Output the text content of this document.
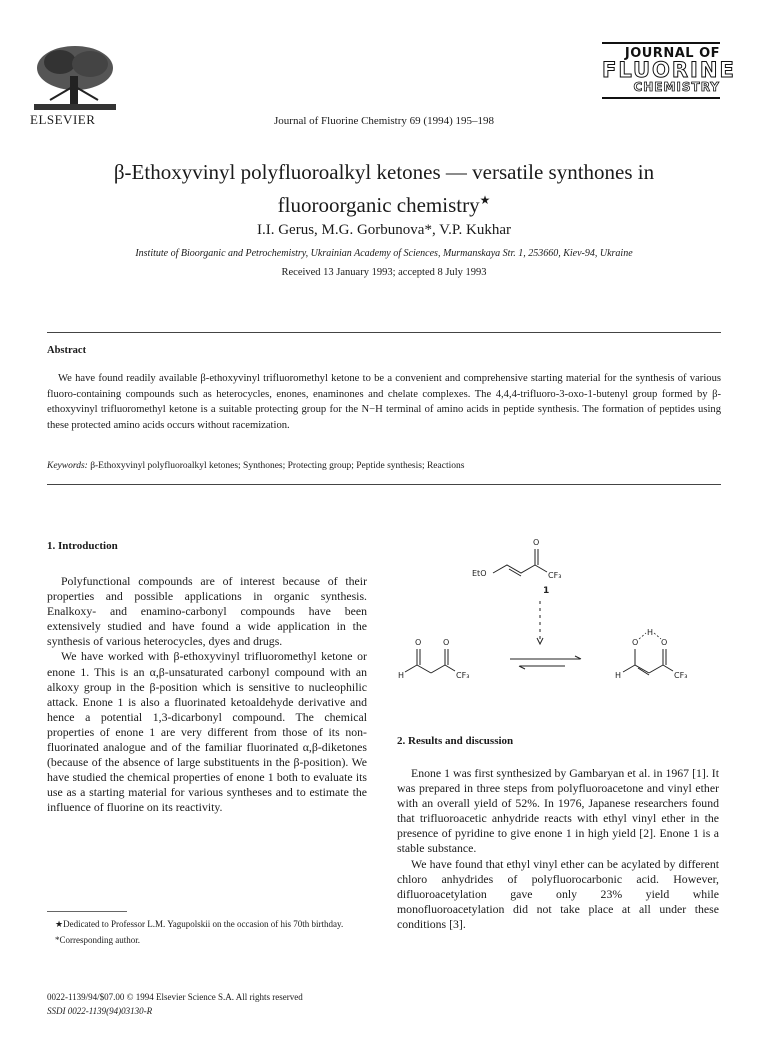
ELSEVIER	Journal of Fluorine Chemistry 69 (1994) 195–198
JOURNAL OF
FLUORINE
CHEMISTRY
β-Ethoxyvinyl polyfluoroalkyl ketones — versatile synthones in
fluoroorganic chemistry★
I.I. Gerus, M.G. Gorbunova*, V.P. Kukhar
Institute of Bioorganic and Petrochemistry, Ukrainian Academy of Sciences, Murmanskaya Str. 1, 253660, Kiev-94, Ukraine
Received 13 January 1993; accepted 8 July 1993
Abstract
We have found readily available β-ethoxyvinyl trifluoromethyl ketone to be a convenient and comprehensive starting material for the synthesis of various fluoro-containing compounds such as heterocycles, enones, enaminones and chelate complexes. The 4,4,4-trifluoro-3-oxo-1-butenyl group formed by β-ethoxyvinyl trifluoromethyl ketone is a suitable protecting group for the N−H terminal of amino acids in peptide synthesis. The formation of peptides using these protected amino acids occurs without racemization.
Keywords: β-Ethoxyvinyl polyfluoroalkyl ketones; Synthones; Protecting group; Peptide synthesis; Reactions
1. Introduction

Polyfunctional compounds are of interest because of their properties and possible applications in organic synthesis. Enalkoxy- and enamino-carbonyl compounds have been extensively studied and have found a wide application in the synthesis of various heterocycles, dyes and drugs.

We have worked with β-ethoxyvinyl trifluoromethyl ketone or enone 1. This is an α,β-unsaturated carbonyl compound with an alkoxy group in the β-position which is sensitive to nucleophilic attack. Enone 1 is also a fluorinated ketoaldehyde derivative and hence a potential 1,3-dicarbonyl compound. The chemical properties of enone 1 are very different from those of its non-fluorinated analogue and of the familiar fluorinated α,β-diketones (because of the absence of large substituents in the β-position). We have studied the chemical properties of enone 1 both to evaluate its use as a starting material for various syntheses and to estimate the influence of fluorine on its reactivity.

★Dedicated to Professor L.M. Yagupolskii on the occasion of his 70th birthday.

*Corresponding author.

0022-1139/94/$07.00 © 1994 Elsevier Science S.A. All rights reserved
SSDI 0022-1139(94)03130-R
EtO
O
CF₃
1
H
O	O
CF₃	H
O	O
H
CF₃
2. Results and discussion

Enone 1 was first synthesized by Gambaryan et al. in 1967 [1]. It was prepared in three steps from polyfluoroacetone and vinyl ether with an overall yield of 52%. In 1976, Japanese researchers found that trifluoroacetic anhydride reacts with ethyl vinyl ether in the presence of pyridine to give enone 1 in high yield [2]. Enone 1 is a stable substance.

We have found that ethyl vinyl ether can be acylated by different chloro anhydrides of polyfluorocarbonic acid. However, difluoroacetylation gave only 23% yield while monofluoroacetylation did not take place at all under these conditions [3].
